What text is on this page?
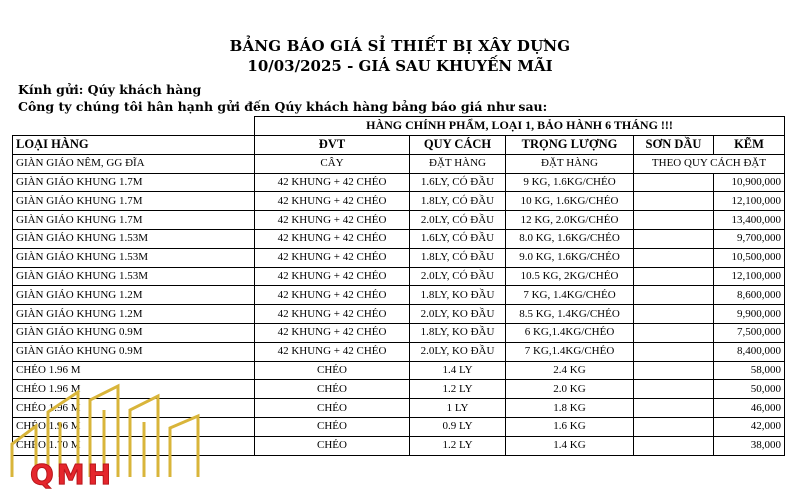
BẢNG BÁO GIÁ SỈ THIẾT BỊ XÂY DỰNG
10/03/2025 - GIÁ SAU KHUYẾN MÃI
Kính gửi: Qúy khách hàng
Công ty chúng tôi hân hạnh gửi đến Qúy khách hàng bảng báo giá như sau:
	HÀNG CHÍNH PHẨM, LOẠI 1, BẢO HÀNH 6 THÁNG !!!				
LOẠI HÀNG	ĐVT	QUY CÁCH	TRỌNG LƯỢNG	SƠN DẦU	KẼM
GIÀN GIÁO NÊM, GG ĐĨA	CÂY	ĐẶT HÀNG	ĐẶT HÀNG	THEO QUY CÁCH ĐẶT	
GIÀN GIÁO KHUNG 1.7M	42 KHUNG + 42 CHÉO	1.6LY, CÓ ĐẦU	9 KG, 1.6KG/CHÉO		10,900,000
GIÀN GIÁO KHUNG 1.7M	42 KHUNG + 42 CHÉO	1.8LY, CÓ ĐẦU	10 KG, 1.6KG/CHÉO		12,100,000
GIÀN GIÁO KHUNG 1.7M	42 KHUNG + 42 CHÉO	2.0LY, CÓ ĐẦU	12 KG, 2.0KG/CHÉO		13,400,000
GIÀN GIÁO KHUNG 1.53M	42 KHUNG + 42 CHÉO	1.6LY, CÓ ĐẦU	8.0 KG, 1.6KG/CHÉO		9,700,000
GIÀN GIÁO KHUNG 1.53M	42 KHUNG + 42 CHÉO	1.8LY, CÓ ĐẦU	9.0 KG, 1.6KG/CHÉO		10,500,000
GIÀN GIÁO KHUNG 1.53M	42 KHUNG + 42 CHÉO	2.0LY, CÓ ĐẦU	10.5 KG, 2KG/CHÉO		12,100,000
GIÀN GIÁO KHUNG 1.2M	42 KHUNG + 42 CHÉO	1.8LY, KO ĐẦU	7 KG, 1.4KG/CHÉO		8,600,000
GIÀN GIÁO KHUNG 1.2M	42 KHUNG + 42 CHÉO	2.0LY, KO ĐẦU	8.5 KG, 1.4KG/CHÉO		9,900,000
GIÀN GIÁO KHUNG 0.9M	42 KHUNG + 42 CHÉO	1.8LY, KO ĐẦU	6 KG,1.4KG/CHÉO		7,500,000
GIÀN GIÁO KHUNG 0.9M	42 KHUNG + 42 CHÉO	2.0LY, KO ĐẦU	7 KG,1.4KG/CHÉO		8,400,000
CHÉO 1.96 M	CHÉO	1.4 LY	2.4 KG		58,000
CHÉO 1.96 M	CHÉO	1.2 LY	2.0 KG		50,000
CHÉO 1.96 M	CHÉO	1 LY	1.8 KG		46,000
CHÉO 1.96 M	CHÉO	0.9 LY	1.6 KG		42,000
CHÉO 1.70 M	CHÉO	1.2 LY	1.4 KG		38,000
QMH
